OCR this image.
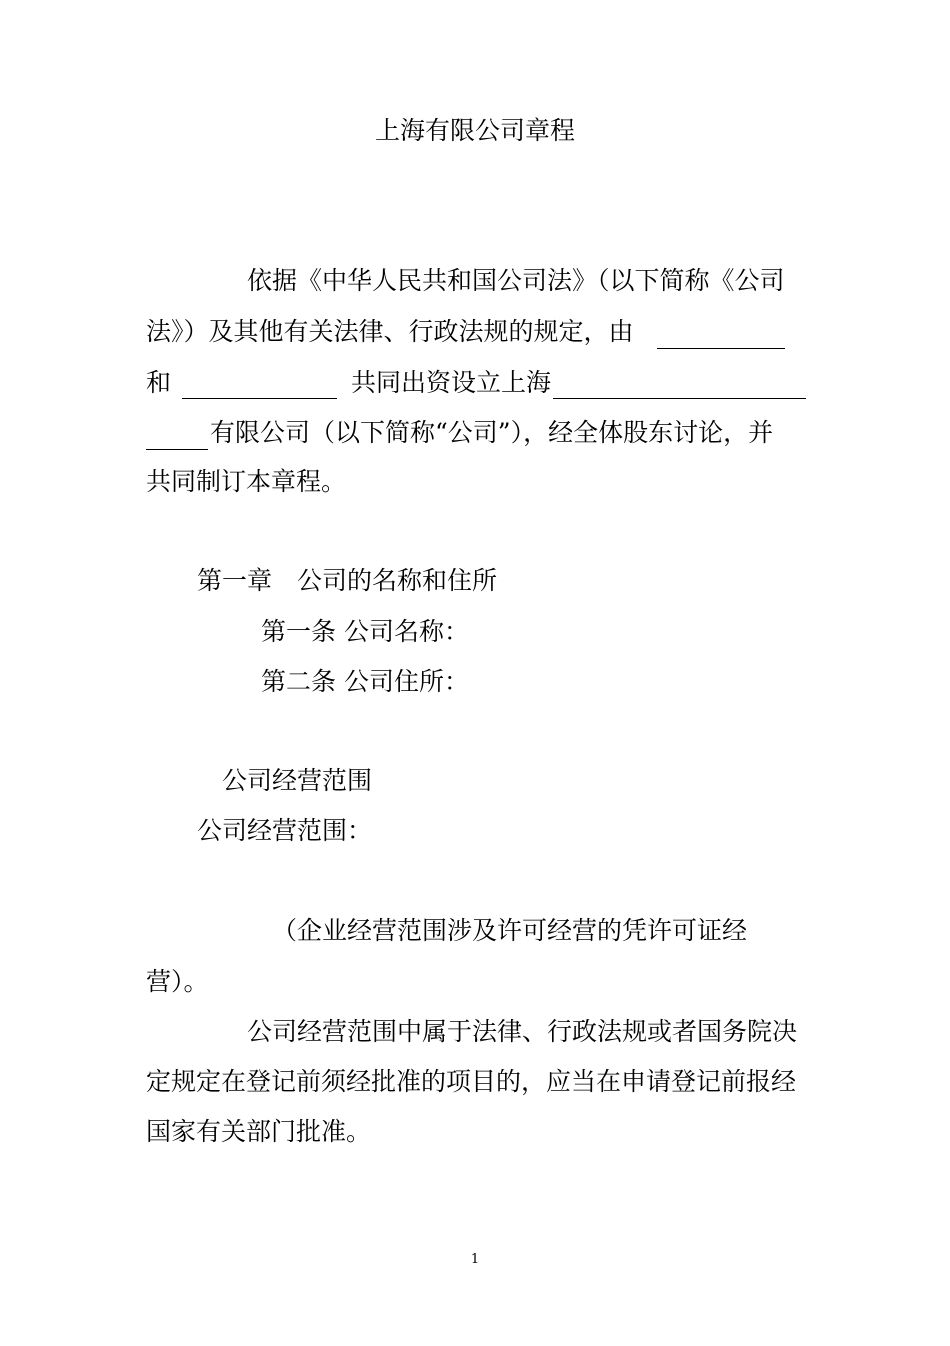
上海有限公司章程
依据《中华人民共和国公司法》（以下简称《公司
法》）及其他有关法律、行政法规的规定，由
和	共同出资设立上海
有限公司（以下简称“公司”），经全体股东讨论，并
共同制订本章程。
第一章　公司的名称和住所
第一条 公司名称：
第二条 公司住所：
公司经营范围
公司经营范围：
（企业经营范围涉及许可经营的凭许可证经
营）。
公司经营范围中属于法律、行政法规或者国务院决
定规定在登记前须经批准的项目的，应当在申请登记前报经
国家有关部门批准。
1
